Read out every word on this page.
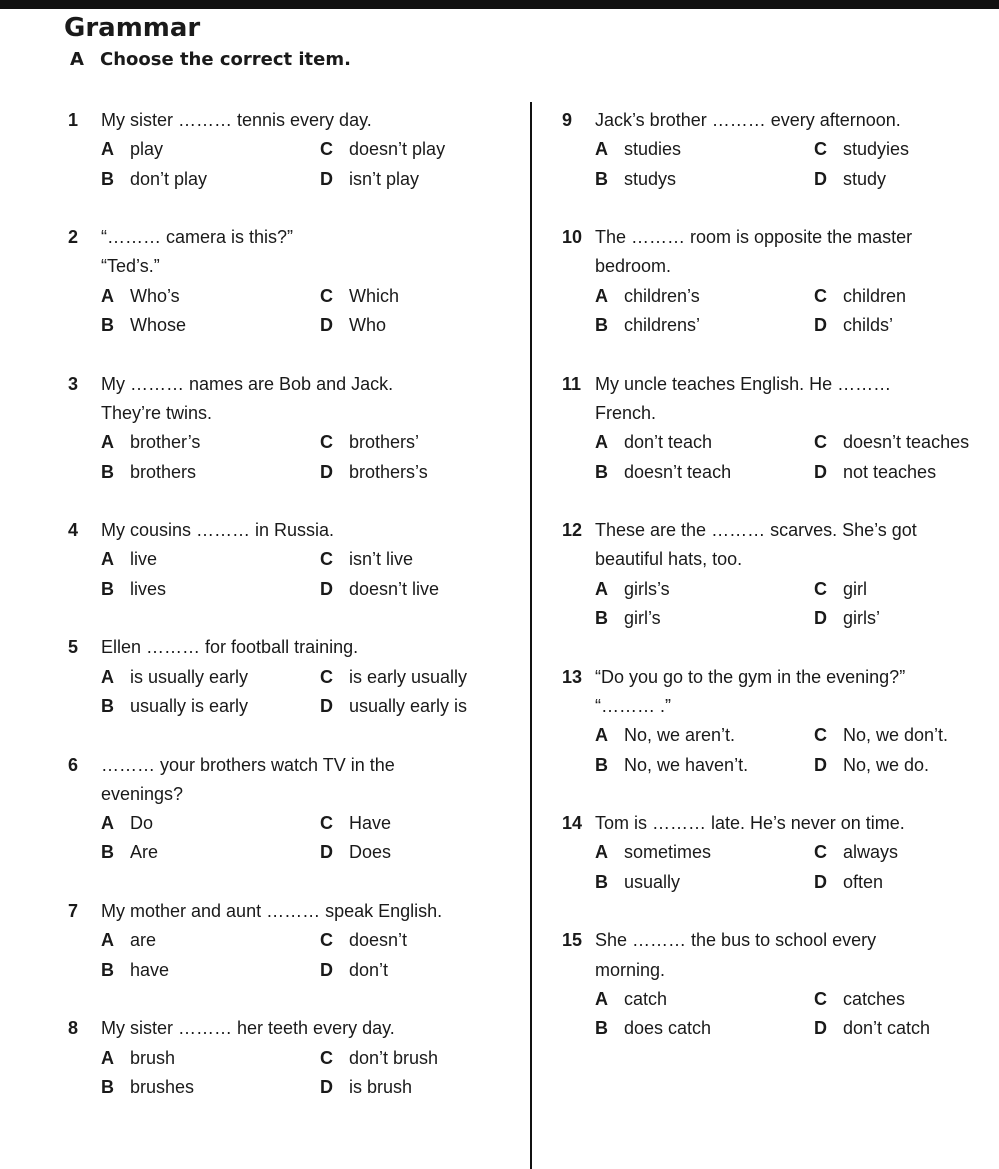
Grammar
A Choose the correct item.
1	My sister ……… tennis every day.
A play	C doesn’t play
B don’t play	D isn’t play
2	“……… camera is this?”
“Ted’s.”
A Who’s	C Which
B Whose	D Who
3	My ……… names are Bob and Jack.
They’re twins.
A brother’s	C brothers’
B brothers	D brothers’s
4	My cousins ……… in Russia.
A live	C isn’t live
B lives	D doesn’t live
5	Ellen ……… for football training.
A is usually early	C is early usually
B usually is early	D usually early is
6	……… your brothers watch TV in the
evenings?
A Do	C Have
B Are	D Does
7	My mother and aunt ……… speak English.
A are	C doesn’t
B have	D don’t
8	My sister ……… her teeth every day.
A brush	C don’t brush
B brushes	D is brush
9	Jack’s brother ……… every afternoon.
A studies	C studyies
B studys	D study
10 The ……… room is opposite the master
bedroom.
A children’s	C children
B childrens’	D childs’
11 My uncle teaches English. He ………
French.
A don’t teach	C doesn’t teaches
B doesn’t teach	D not teaches
12 These are the ……… scarves. She’s got
beautiful hats, too.
A girls’s	C girl
B girl’s	D girls’
13 “Do you go to the gym in the evening?”
“……… .”
A No, we aren’t.	C No, we don’t.
B No, we haven’t.	D No, we do.
14 Tom is ……… late. He’s never on time.
A sometimes	C always
B usually	D often
15 She ……… the bus to school every
morning.
A catch	C catches
B does catch	D don’t catch
